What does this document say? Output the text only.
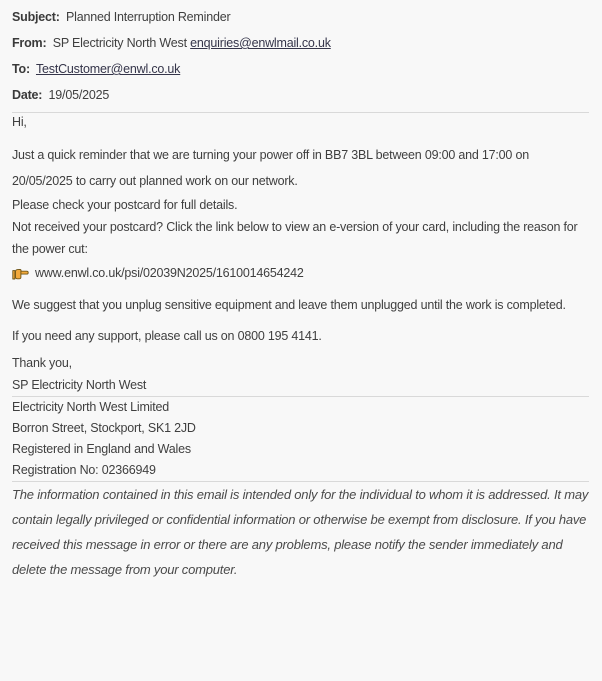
Subject: Planned Interruption Reminder

From: SP Electricity North West enquiries@enwlmail.co.uk

To: TestCustomer@enwl.co.uk

Date: 19/05/2025

Hi,

Just a quick reminder that we are turning your power off in BB7 3BL between 09:00 and 17:00 on 20/05/2025 to carry out planned work on our network.

Please check your postcard for full details.

Not received your postcard? Click the link below to view an e-version of your card, including the reason for the power cut:

www.enwl.co.uk/psi/02039N2025/1610014654242

We suggest that you unplug sensitive equipment and leave them unplugged until the work is completed.

If you need any support, please call us on 0800 195 4141.

Thank you,

SP Electricity North West

Electricity North West Limited

Borron Street, Stockport, SK1 2JD

Registered in England and Wales

Registration No: 02366949

The information contained in this email is intended only for the individual to whom it is addressed. It may contain legally privileged or confidential information or otherwise be exempt from disclosure. If you have received this message in error or there are any problems, please notify the sender immediately and delete the message from your computer.
